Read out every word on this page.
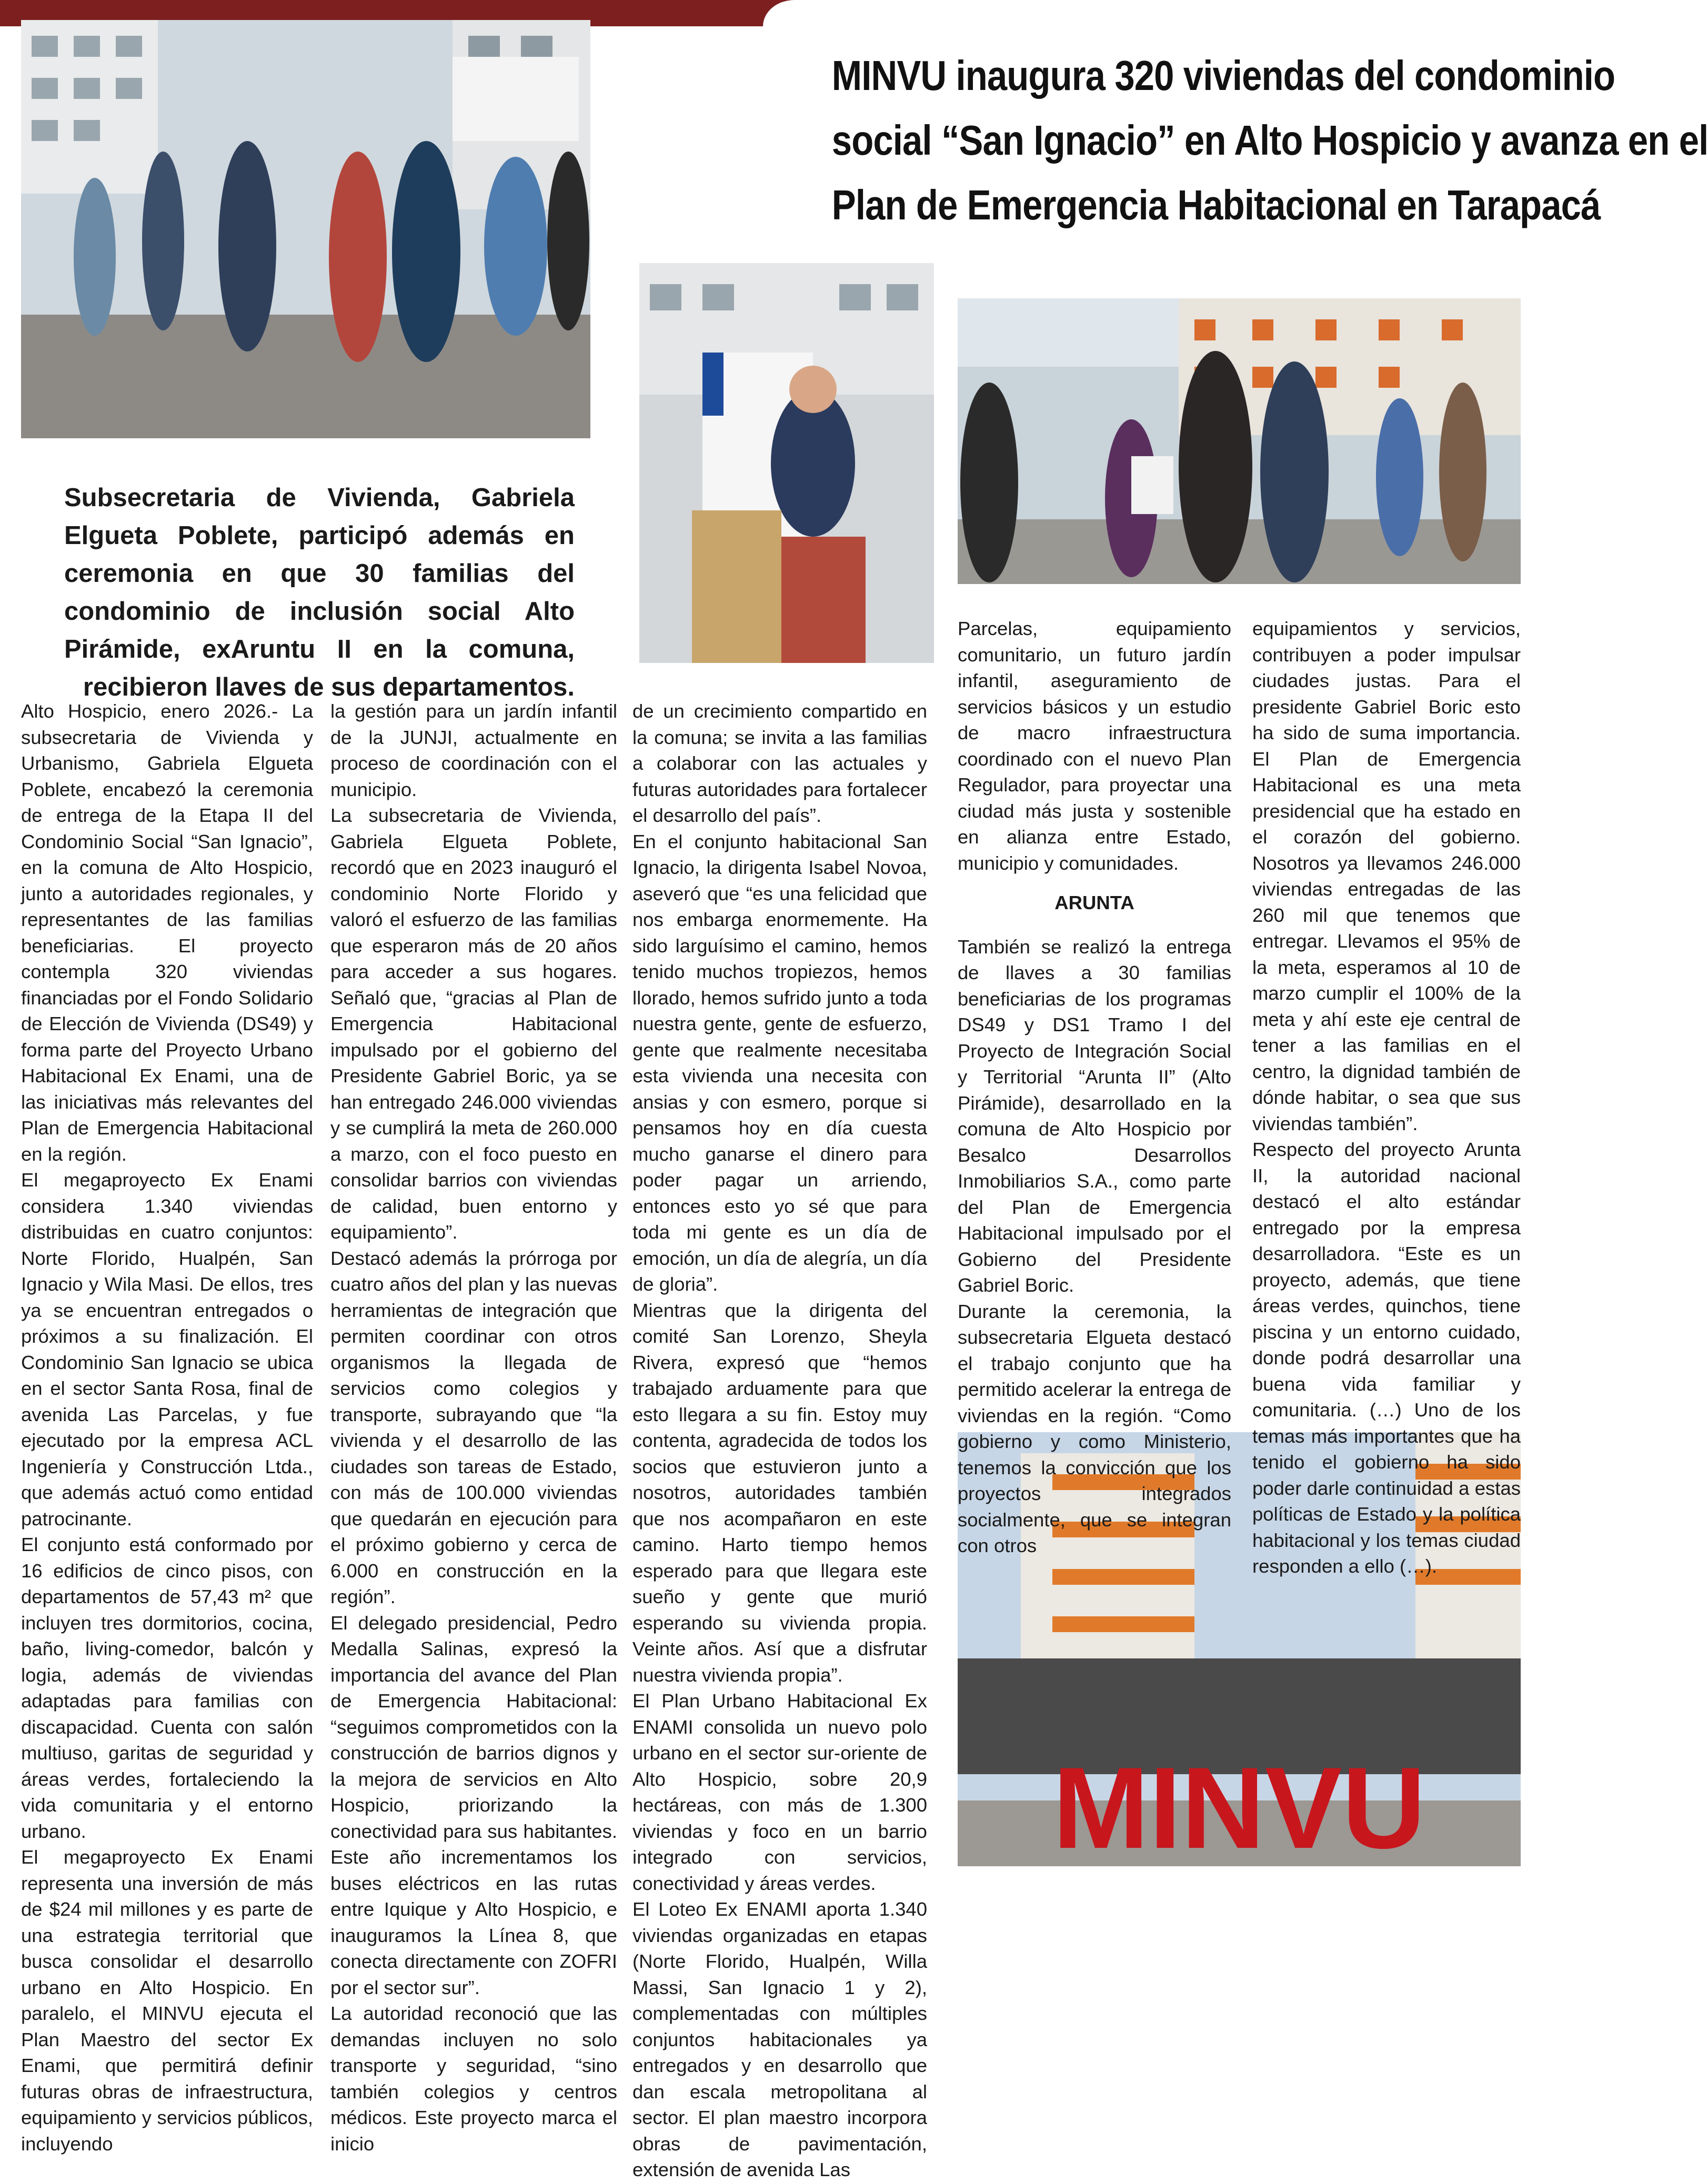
MINVU
MINVU inaugura 320 viviendas del condominio
social “San Ignacio” en Alto Hospicio y avanza en el
Plan de Emergencia Habitacional en Tarapacá
Subsecretaria de Vivienda, Gabriela Elgueta Poblete, participó además en ceremonia en que 30 familias del condominio de inclusión social Alto Pirámide, exAruntu II en la comuna, recibieron llaves de sus departamentos.

Alto Hospicio, enero 2026.- La subsecretaria de Vivienda y Urbanismo, Gabriela Elgueta Poblete, encabezó la ceremonia de entrega de la Etapa II del Condominio Social “San Ignacio”, en la comuna de Alto Hospicio, junto a autoridades regionales, y representantes de las familias beneficiarias. El proyecto contempla 320 viviendas financiadas por el Fondo Solidario de Elección de Vivienda (DS49) y forma parte del Proyecto Urbano Habitacional Ex Enami, una de las iniciativas más relevantes del Plan de Emergencia Habitacional en la región.

El megaproyecto Ex Enami considera 1.340 viviendas distribuidas en cuatro conjuntos: Norte Florido, Hualpén, San Ignacio y Wila Masi. De ellos, tres ya se encuentran entregados o próximos a su finalización. El Condominio San Ignacio se ubica en el sector Santa Rosa, final de avenida Las Parcelas, y fue ejecutado por la empresa ACL Ingeniería y Construcción Ltda., que además actuó como entidad patrocinante.

El conjunto está conformado por 16 edificios de cinco pisos, con departamentos de 57,43 m² que incluyen tres dormitorios, cocina, baño, living-comedor, balcón y logia, además de viviendas adaptadas para familias con discapacidad. Cuenta con salón multiuso, garitas de seguridad y áreas verdes, fortaleciendo la vida comunitaria y el entorno urbano.

El megaproyecto Ex Enami representa una inversión de más de $24 mil millones y es parte de una estrategia territorial que busca consolidar el desarrollo urbano en Alto Hospicio. En paralelo, el MINVU ejecuta el Plan Maestro del sector Ex Enami, que permitirá definir futuras obras de infraestructura, equipamiento y servicios públicos, incluyendo

la gestión para un jardín infantil de la JUNJI, actualmente en proceso de coordinación con el municipio.

La subsecretaria de Vivienda, Gabriela Elgueta Poblete, recordó que en 2023 inauguró el condominio Norte Florido y valoró el esfuerzo de las familias que esperaron más de 20 años para acceder a sus hogares. Señaló que, “gracias al Plan de Emergencia Habitacional impulsado por el gobierno del Presidente Gabriel Boric, ya se han entregado 246.000 viviendas y se cumplirá la meta de 260.000 a marzo, con el foco puesto en consolidar barrios con viviendas de calidad, buen entorno y equipamiento”.

Destacó además la prórroga por cuatro años del plan y las nuevas herramientas de integración que permiten coordinar con otros organismos la llegada de servicios como colegios y transporte, subrayando que “la vivienda y el desarrollo de las ciudades son tareas de Estado, con más de 100.000 viviendas que quedarán en ejecución para el próximo gobierno y cerca de 6.000 en construcción en la región”.

El delegado presidencial, Pedro Medalla Salinas, expresó la importancia del avance del Plan de Emergencia Habitacional: “seguimos comprometidos con la construcción de barrios dignos y la mejora de servicios en Alto Hospicio, priorizando la conectividad para sus habitantes. Este año incrementamos los buses eléctricos en las rutas entre Iquique y Alto Hospicio, e inauguramos la Línea 8, que conecta directamente con ZOFRI por el sector sur”.

La autoridad reconoció que las demandas incluyen no solo transporte y seguridad, “sino también colegios y centros médicos. Este proyecto marca el inicio

de un crecimiento compartido en la comuna; se invita a las familias a colaborar con las actuales y futuras autoridades para fortalecer el desarrollo del país”.

En el conjunto habitacional San Ignacio, la dirigenta Isabel Novoa, aseveró que “es una felicidad que nos embarga enormemente. Ha sido larguísimo el camino, hemos tenido muchos tropiezos, hemos llorado, hemos sufrido junto a toda nuestra gente, gente de esfuerzo, gente que realmente necesitaba esta vivienda una necesita con ansias y con esmero, porque si pensamos hoy en día cuesta mucho ganarse el dinero para poder pagar un arriendo, entonces esto yo sé que para toda mi gente es un día de emoción, un día de alegría, un día de gloria”.

Mientras que la dirigenta del comité San Lorenzo, Sheyla Rivera, expresó que “hemos trabajado arduamente para que esto llegara a su fin. Estoy muy contenta, agradecida de todos los socios que estuvieron junto a nosotros, autoridades también que nos acompañaron en este camino. Harto tiempo hemos esperado para que llegara este sueño y gente que murió esperando su vivienda propia. Veinte años. Así que a disfrutar nuestra vivienda propia”.

El Plan Urbano Habitacional Ex ENAMI consolida un nuevo polo urbano en el sector sur-oriente de Alto Hospicio, sobre 20,9 hectáreas, con más de 1.300 viviendas y foco en un barrio integrado con servicios, conectividad y áreas verdes.

El Loteo Ex ENAMI aporta 1.340 viviendas organizadas en etapas (Norte Florido, Hualpén, Willa Massi, San Ignacio 1 y 2), complementadas con múltiples conjuntos habitacionales ya entregados y en desarrollo que dan escala metropolitana al sector. El plan maestro incorpora obras de pavimentación, extensión de avenida Las

Parcelas, equipamiento comunitario, un futuro jardín infantil, aseguramiento de servicios básicos y un estudio de macro infraestructura coordinado con el nuevo Plan Regulador, para proyectar una ciudad más justa y sostenible en alianza entre Estado, municipio y comunidades.

ARUNTA

También se realizó la entrega de llaves a 30 familias beneficiarias de los programas DS49 y DS1 Tramo I del Proyecto de Integración Social y Territorial “Arunta II” (Alto Pirámide), desarrollado en la comuna de Alto Hospicio por Besalco Desarrollos Inmobiliarios S.A., como parte del Plan de Emergencia Habitacional impulsado por el Gobierno del Presidente Gabriel Boric.

Durante la ceremonia, la subsecretaria Elgueta destacó el trabajo conjunto que ha permitido acelerar la entrega de viviendas en la región. “Como gobierno y como Ministerio, tenemos la convicción que los proyectos integrados socialmente, que se integran con otros

equipamientos y servicios, contribuyen a poder impulsar ciudades justas. Para el presidente Gabriel Boric esto ha sido de suma importancia. El Plan de Emergencia Habitacional es una meta presidencial que ha estado en el corazón del gobierno. Nosotros ya llevamos 246.000 viviendas entregadas de las 260 mil que tenemos que entregar. Llevamos el 95% de la meta, esperamos al 10 de marzo cumplir el 100% de la meta y ahí este eje central de tener a las familias en el centro, la dignidad también de dónde habitar, o sea que sus viviendas también”.

Respecto del proyecto Arunta II, la autoridad nacional destacó el alto estándar entregado por la empresa desarrolladora. “Este es un proyecto, además, que tiene áreas verdes, quinchos, tiene piscina y un entorno cuidado, donde podrá desarrollar una buena vida familiar y comunitaria. (…) Uno de los temas más importantes que ha tenido el gobierno ha sido poder darle continuidad a estas políticas de Estado y la política habitacional y los temas ciudad responden a ello (…).
